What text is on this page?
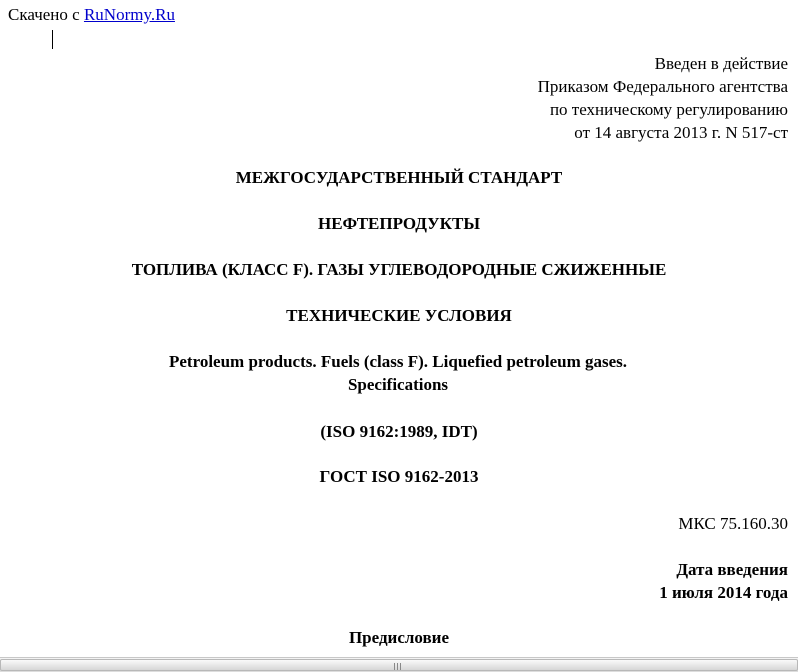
Скачено с RuNormy.Ru
Введен в действие
Приказом Федерального агентства
по техническому регулированию
от 14 августа 2013 г. N 517-ст
МЕЖГОСУДАРСТВЕННЫЙ СТАНДАРТ
НЕФТЕПРОДУКТЫ
ТОПЛИВА (КЛАСС F). ГАЗЫ УГЛЕВОДОРОДНЫЕ СЖИЖЕННЫЕ
ТЕХНИЧЕСКИЕ УСЛОВИЯ
Petroleum products. Fuels (class F). Liquefied petroleum gases. Specifications
(ISO 9162:1989, IDT)
ГОСТ ISO 9162-2013
МКС 75.160.30
Дата введения
1 июля 2014 года
Предисловие
